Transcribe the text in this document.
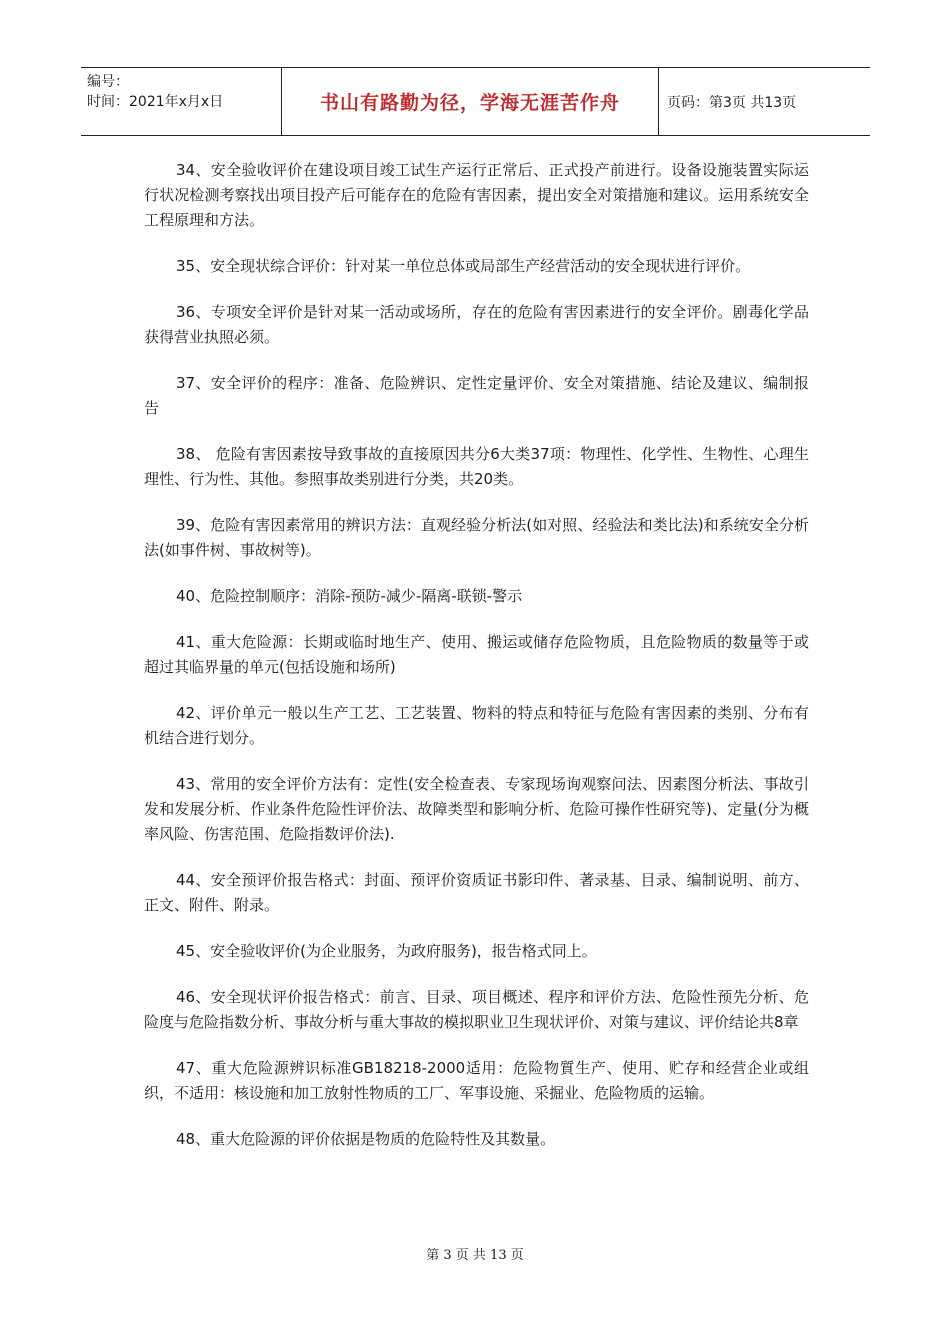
编号：
时间：2021年x月x日	书山有路勤为径，学海无涯苦作舟	页码：第3页 共13页

34、安全验收评价在建设项目竣工试生产运行正常后、正式投产前进行。设备设施装置实际运行状况检测考察找出项目投产后可能存在的危险有害因素，提出安全对策措施和建议。运用系统安全工程原理和方法。

35、安全现状综合评价：针对某一单位总体或局部生产经营活动的安全现状进行评价。

36、专项安全评价是针对某一活动或场所，存在的危险有害因素进行的安全评价。剧毒化学品获得营业执照必须。

37、安全评价的程序：准备、危险辨识、定性定量评价、安全对策措施、结论及建议、编制报告

38、 危险有害因素按导致事故的直接原因共分6大类37项：物理性、化学性、生物性、心理生理性、行为性、其他。参照事故类别进行分类，共20类。

39、危险有害因素常用的辨识方法：直观经验分析法(如对照、经验法和类比法)和系统安全分析法(如事件树、事故树等)。

40、危险控制顺序：消除-预防-减少-隔离-联锁-警示

41、重大危险源：长期或临时地生产、使用、搬运或储存危险物质，且危险物质的数量等于或超过其临界量的单元(包括设施和场所)

42、评价单元一般以生产工艺、工艺装置、物料的特点和特征与危险有害因素的类别、分布有机结合进行划分。

43、常用的安全评价方法有：定性(安全检查表、专家现场询观察问法、因素图分析法、事故引发和发展分析、作业条件危险性评价法、故障类型和影响分析、危险可操作性研究等)、定量(分为概率风险、伤害范围、危险指数评价法).

44、安全预评价报告格式：封面、预评价资质证书影印件、著录基、目录、编制说明、前方、正文、附件、附录。

45、安全验收评价(为企业服务，为政府服务)，报告格式同上。

46、安全现状评价报告格式：前言、目录、项目概述、程序和评价方法、危险性预先分析、危险度与危险指数分析、事故分析与重大事故的模拟职业卫生现状评价、对策与建议、评价结论共8章

47、重大危险源辨识标准GB18218-2000适用：危险物質生产、使用、贮存和经营企业或组织，不适用：核设施和加工放射性物质的工厂、军事设施、采掘业、危险物质的运输。

48、重大危险源的评价依据是物质的危险特性及其数量。

第 3 页 共 13 页
